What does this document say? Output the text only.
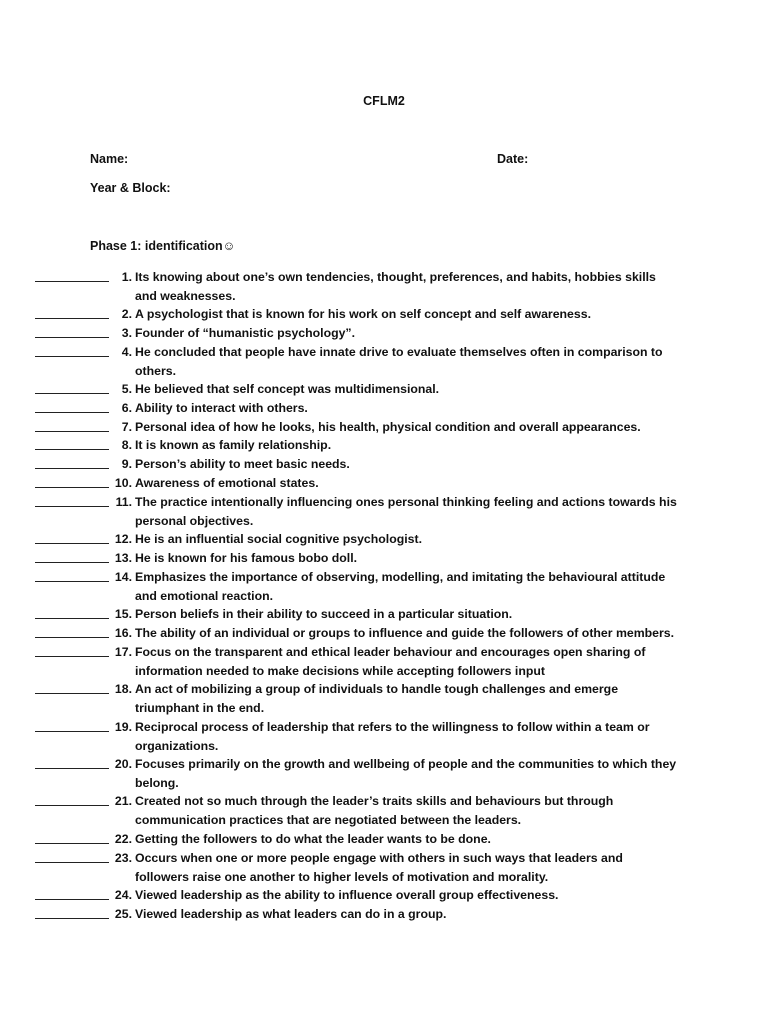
CFLM2
Name:	Date:
Year & Block:
Phase 1: identification☺
1. Its knowing about one’s own tendencies, thought, preferences, and habits, hobbies skills and weaknesses.
2. A psychologist that is known for his work on self concept and self awareness.
3. Founder of “humanistic psychology”.
4. He concluded that people have innate drive to evaluate themselves often in comparison to others.
5. He believed that self concept was multidimensional.
6. Ability to interact with others.
7. Personal idea of how he looks, his health, physical condition and overall appearances.
8. It is known as family relationship.
9. Person’s ability to meet basic needs.
10. Awareness of emotional states.
11. The practice intentionally influencing ones personal thinking feeling and actions towards his personal objectives.
12. He is an influential social cognitive psychologist.
13. He is known for his famous bobo doll.
14. Emphasizes the importance of observing, modelling, and imitating the behavioural attitude and emotional reaction.
15. Person beliefs in their ability to succeed in a particular situation.
16. The ability of an individual or groups to influence and guide the followers of other members.
17. Focus on the transparent and ethical leader behaviour and encourages open sharing of information needed to make decisions while accepting followers input
18. An act of mobilizing a group of individuals to handle tough challenges and emerge triumphant in the end.
19. Reciprocal process of leadership that refers to the willingness to follow within a team or organizations.
20. Focuses primarily on the growth and wellbeing of people and the communities to which they belong.
21. Created not so much through the leader’s traits skills and behaviours but through communication practices that are negotiated between the leaders.
22. Getting the followers to do what the leader wants to be done.
23. Occurs when one or more people engage with others in such ways that leaders and followers raise one another to higher levels of motivation and morality.
24. Viewed leadership as the ability to influence overall group effectiveness.
25. Viewed leadership as what leaders can do in a group.
